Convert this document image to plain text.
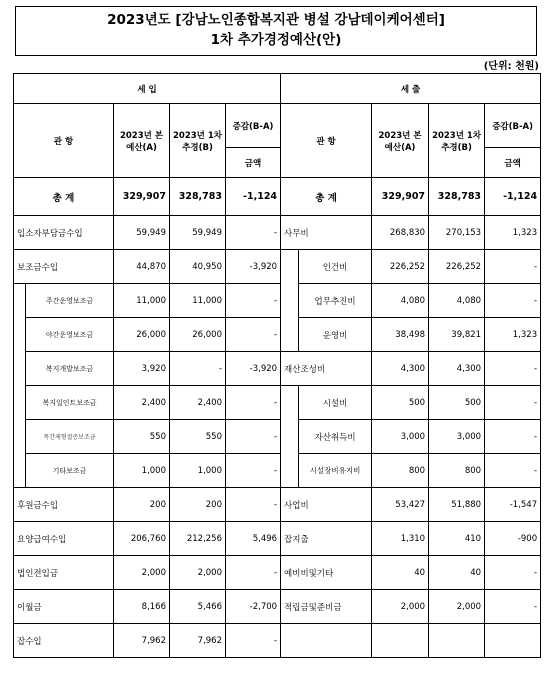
2023년도 [강남노인종합복지관 병설 강남데이케어센터]
1차 추가경정예산(안)
(단위: 천원)
세 입					세 출				
관 항		2023년 본예산(A)	2023년 1차추경(B)	증감(B-A)	관 항		2023년 본예산(A)	2023년 1차추경(B)	증감(B-A)
				금액					금액
총 계		329,907	328,783	-1,124	총 계		329,907	328,783	-1,124
입소자부담금수입		59,949	59,949	-	사무비		268,830	270,153	1,323
보조금수입		44,870	40,950	-3,920		인건비	226,252	226,252	-
	주간운영보조금	11,000	11,000	-		업무추진비	4,080	4,080	-
	야간운영보조금	26,000	26,000	-		운영비	38,498	39,821	1,323
	복지개발보조금	3,920	-	-3,920	재산조성비		4,300	4,300	-
	복지일인트보조금	2,400	2,400	-		시설비	500	500	-
	목간제형절증보조금	550	550	-		자산취득비	3,000	3,000	-
	기타보조금	1,000	1,000	-		시설장비유지비	800	800	-
후원금수입		200	200	-	사업비		53,427	51,880	-1,547
요양급여수입		206,760	212,256	5,496	잡지출		1,310	410	-900
법인전입금		2,000	2,000	-	예비비및기타		40	40	-
이월금		8,166	5,466	-2,700	적립금및준비금		2,000	2,000	-
잡수입		7,962	7,962	-					
